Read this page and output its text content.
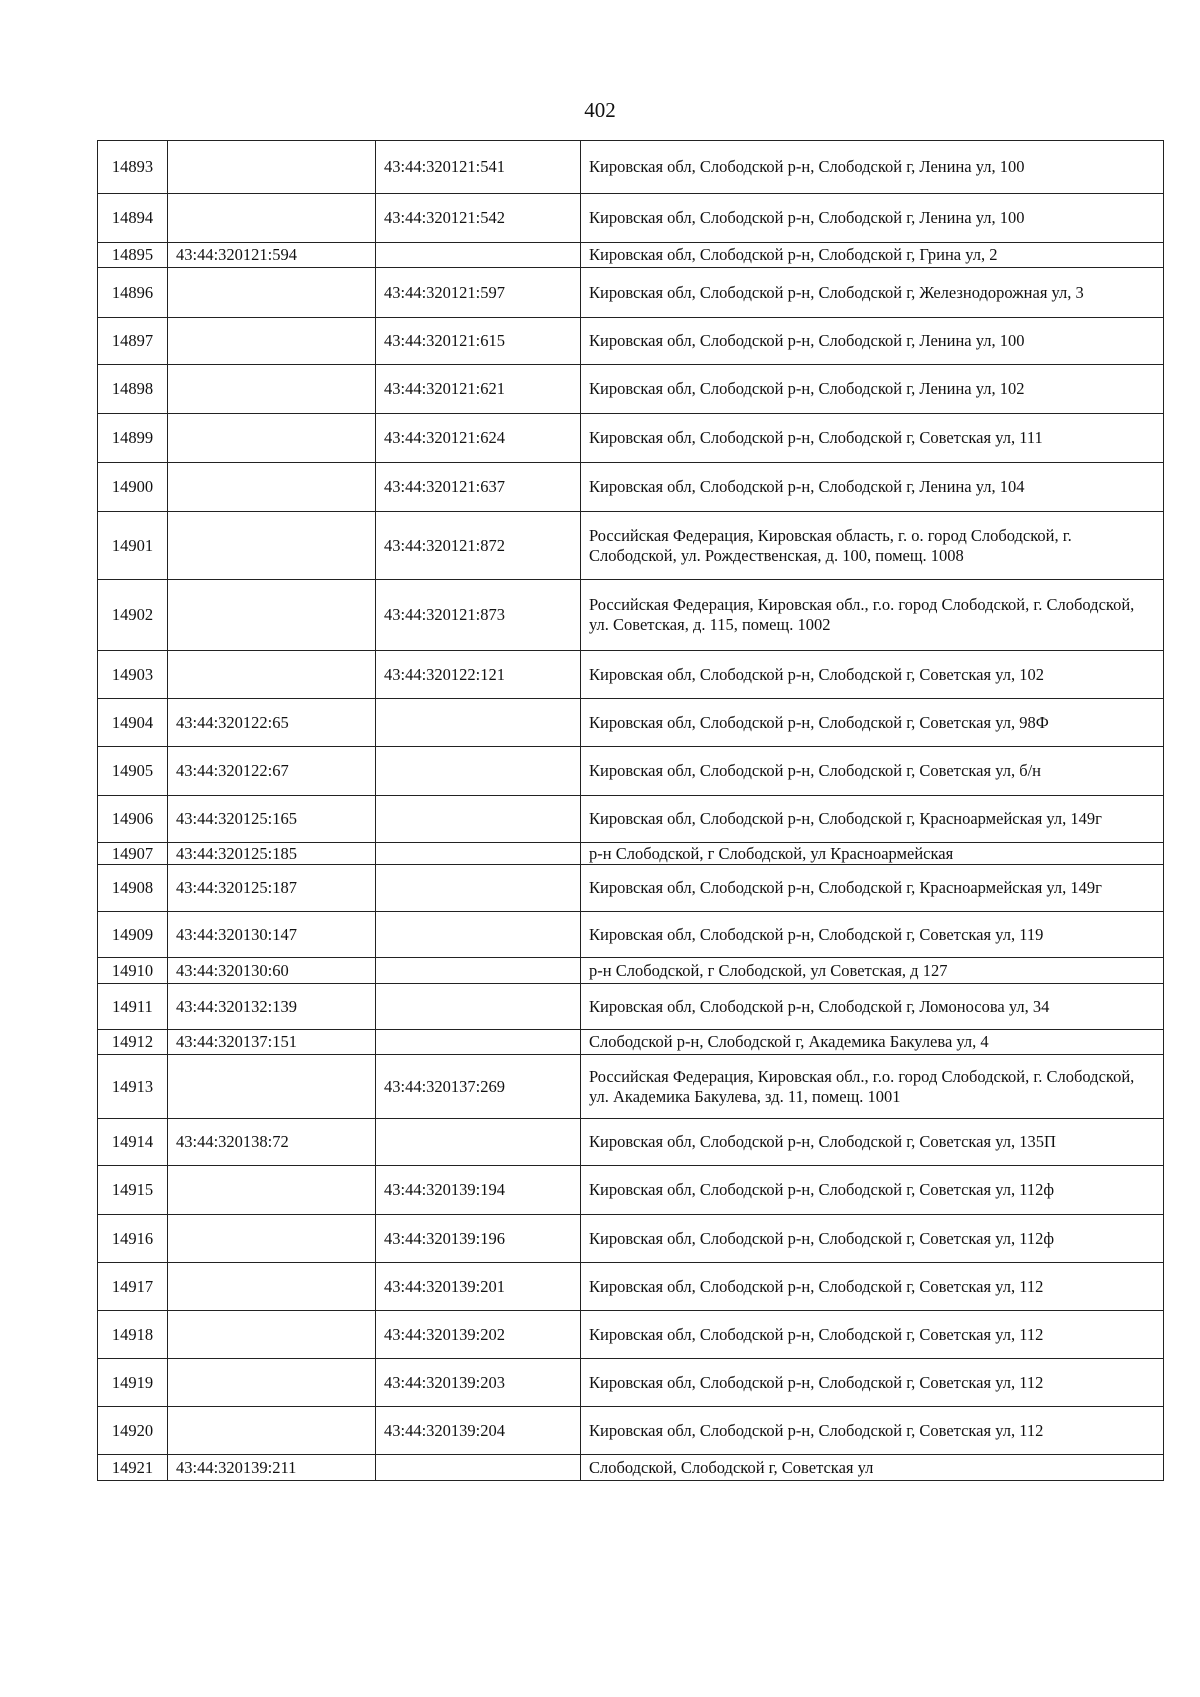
402
14893		43:44:320121:541	Кировская обл, Слободской р-н, Слободской г, Ленина ул, 100
14894		43:44:320121:542	Кировская обл, Слободской р-н, Слободской г, Ленина ул, 100
14895	43:44:320121:594		Кировская обл, Слободской р-н, Слободской г, Грина ул, 2
14896		43:44:320121:597	Кировская обл, Слободской р-н, Слободской г, Железнодорожная ул, 3
14897		43:44:320121:615	Кировская обл, Слободской р-н, Слободской г, Ленина ул, 100
14898		43:44:320121:621	Кировская обл, Слободской р-н, Слободской г, Ленина ул, 102
14899		43:44:320121:624	Кировская обл, Слободской р-н, Слободской г, Советская ул, 111
14900		43:44:320121:637	Кировская обл, Слободской р-н, Слободской г, Ленина ул, 104
14901		43:44:320121:872	Российская Федерация, Кировская область, г. о. город Слободской, г. Слободской, ул. Рождественская, д. 100, помещ. 1008
14902		43:44:320121:873	Российская Федерация, Кировская обл., г.о. город Слободской, г. Слободской, ул. Советская, д. 115, помещ. 1002
14903		43:44:320122:121	Кировская обл, Слободской р-н, Слободской г, Советская ул, 102
14904	43:44:320122:65		Кировская обл, Слободской р-н, Слободской г, Советская ул, 98Ф
14905	43:44:320122:67		Кировская обл, Слободской р-н, Слободской г, Советская ул, б/н
14906	43:44:320125:165		Кировская обл, Слободской р-н, Слободской г, Красноармейская ул, 149г
14907	43:44:320125:185		р-н Слободской, г Слободской, ул Красноармейская
14908	43:44:320125:187		Кировская обл, Слободской р-н, Слободской г, Красноармейская ул, 149г
14909	43:44:320130:147		Кировская обл, Слободской р-н, Слободской г, Советская ул, 119
14910	43:44:320130:60		р-н Слободской, г Слободской, ул Советская, д 127
14911	43:44:320132:139		Кировская обл, Слободской р-н, Слободской г, Ломоносова ул, 34
14912	43:44:320137:151		Слободской р-н, Слободской г, Академика Бакулева ул, 4
14913		43:44:320137:269	Российская Федерация, Кировская обл., г.о. город Слободской, г. Слободской, ул. Академика Бакулева, зд. 11, помещ. 1001
14914	43:44:320138:72		Кировская обл, Слободской р-н, Слободской г, Советская ул, 135П
14915		43:44:320139:194	Кировская обл, Слободской р-н, Слободской г, Советская ул, 112ф
14916		43:44:320139:196	Кировская обл, Слободской р-н, Слободской г, Советская ул, 112ф
14917		43:44:320139:201	Кировская обл, Слободской р-н, Слободской г, Советская ул, 112
14918		43:44:320139:202	Кировская обл, Слободской р-н, Слободской г, Советская ул, 112
14919		43:44:320139:203	Кировская обл, Слободской р-н, Слободской г, Советская ул, 112
14920		43:44:320139:204	Кировская обл, Слободской р-н, Слободской г, Советская ул, 112
14921	43:44:320139:211		Слободской, Слободской г, Советская ул
